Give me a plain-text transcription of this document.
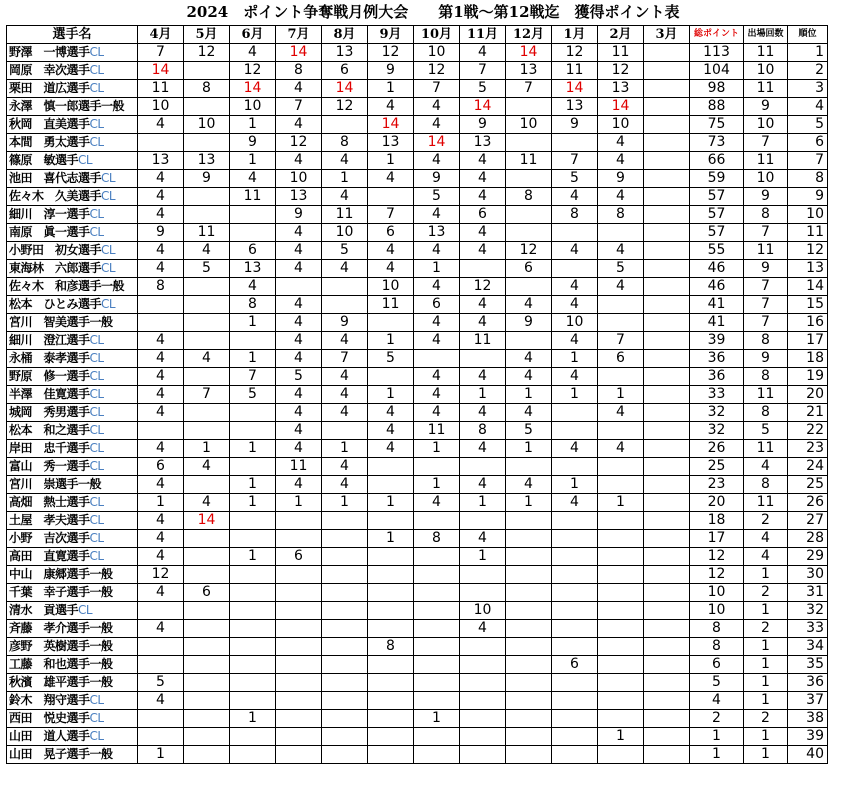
2024　ポイント争奪戦月例大会　　第1戦～第12戦迄　獲得ポイント表
選手名	4月	5月	6月	7月	8月	9月	10月	11月	12月	1月	2月	3月	総ポイント	出場回数	順位
野澤　一博選手CL	7	12	4	14	13	12	10	4	14	12	11		113	11	1
岡原　幸次選手CL	14		12	8	6	9	12	7	13	11	12		104	10	2
栗田　道広選手CL	11	8	14	4	14	1	7	5	7	14	13		98	11	3
永澤　慎一郎選手一般	10		10	7	12	4	4	14		13	14		88	9	4
秋岡　直美選手CL	4	10	1	4		14	4	9	10	9	10		75	10	5
本間　勇太選手CL			9	12	8	13	14	13			4		73	7	6
篠原　敏選手CL	13	13	1	4	4	1	4	4	11	7	4		66	11	7
池田　喜代志選手CL	4	9	4	10	1	4	9	4		5	9		59	10	8
佐々木　久美選手CL	4		11	13	4		5	4	8	4	4		57	9	9
細川　淳一選手CL	4			9	11	7	4	6		8	8		57	8	10
南原　眞一選手CL	9	11		4	10	6	13	4					57	7	11
小野田　初女選手CL	4	4	6	4	5	4	4	4	12	4	4		55	11	12
東海林　六郎選手CL	4	5	13	4	4	4	1		6		5		46	9	13
佐々木　和彦選手一般	8		4			10	4	12		4	4		46	7	14
松本　ひとみ選手CL			8	4		11	6	4	4	4			41	7	15
宮川　智美選手一般			1	4	9		4	4	9	10			41	7	16
細川　澄江選手CL	4			4	4	1	4	11		4	7		39	8	17
永桶　泰孝選手CL	4	4	1	4	7	5			4	1	6		36	9	18
野原　修一選手CL	4		7	5	4		4	4	4	4			36	8	19
半澤　佳寛選手CL	4	7	5	4	4	1	4	1	1	1	1		33	11	20
城岡　秀男選手CL	4			4	4	4	4	4	4		4		32	8	21
松本　和之選手CL				4		4	11	8	5				32	5	22
岸田　忠千選手CL	4	1	1	4	1	4	1	4	1	4	4		26	11	23
富山　秀一選手CL	6	4		11	4								25	4	24
宮川　崇選手一般	4		1	4	4		1	4	4	1			23	8	25
高畑　熱士選手CL	1	4	1	1	1	1	4	1	1	4	1		20	11	26
土屋　孝夫選手CL	4	14											18	2	27
小野　吉次選手CL	4					1	8	4					17	4	28
高田　直寛選手CL	4		1	6				1					12	4	29
中山　康郷選手一般	12												12	1	30
千葉　幸子選手一般	4	6											10	2	31
清水　貢選手CL								10					10	1	32
斉藤　孝介選手一般	4							4					8	2	33
彦野　英樹選手一般						8							8	1	34
工藤　和也選手一般										6			6	1	35
秋濱　雄平選手一般	5												5	1	36
鈴木　翔守選手CL	4												4	1	37
西田　悦史選手CL			1				1						2	2	38
山田　道人選手CL											1		1	1	39
山田　晃子選手一般	1												1	1	40
